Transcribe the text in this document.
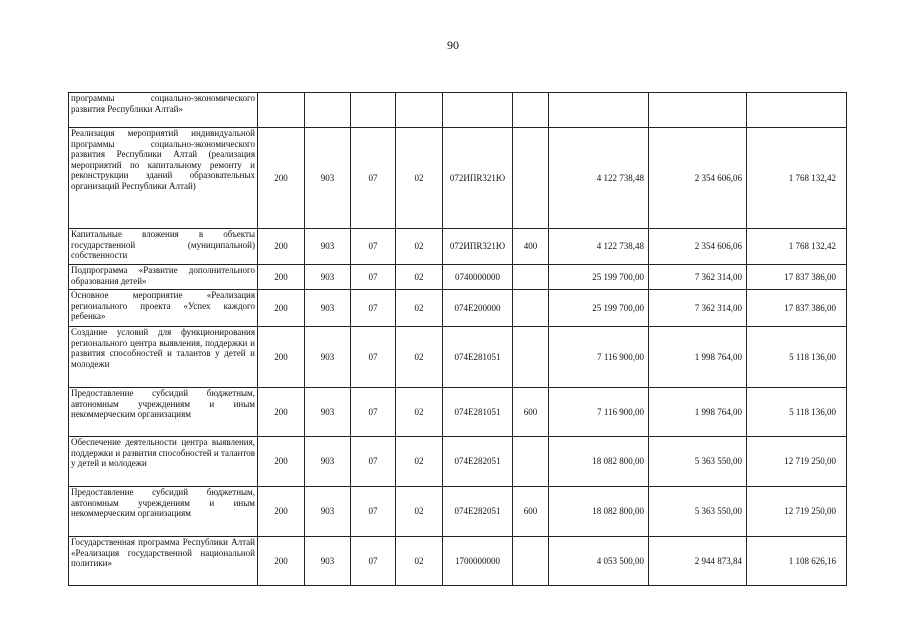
90
программы социально-экономического развития Республики Алтай»									
Реализация мероприятий индивидуальной программы социально-экономического развития Республики Алтай (реализация мероприятий по капитальному ремонту и реконструкции зданий образовательных организаций Республики Алтай)	200	903	07	02	072ИПR321Ю		4 122 738,48	2 354 606,06	1 768 132,42
Капитальные вложения в объекты государственной (муниципальной) собственности	200	903	07	02	072ИПR321Ю	400	4 122 738,48	2 354 606,06	1 768 132,42
Подпрограмма «Развитие дополнительного образования детей»	200	903	07	02	0740000000		25 199 700,00	7 362 314,00	17 837 386,00
Основное мероприятие «Реализация регионального проекта «Успех каждого ребенка»	200	903	07	02	074E200000		25 199 700,00	7 362 314,00	17 837 386,00
Создание условий для функционирования регионального центра выявления, поддержки и развития способностей и талантов у детей и молодежи	200	903	07	02	074E281051		7 116 900,00	1 998 764,00	5 118 136,00
Предоставление субсидий бюджетным, автономным учреждениям и иным некоммерческим организациям	200	903	07	02	074E281051	600	7 116 900,00	1 998 764,00	5 118 136,00
Обеспечение деятельности центра выявления, поддержки и развития способностей и талантов у детей и молодежи	200	903	07	02	074E282051		18 082 800,00	5 363 550,00	12 719 250,00
Предоставление субсидий бюджетным, автономным учреждениям и иным некоммерческим организациям	200	903	07	02	074E282051	600	18 082 800,00	5 363 550,00	12 719 250,00
Государственная программа Республики Алтай «Реализация государственной национальной политики»	200	903	07	02	1700000000		4 053 500,00	2 944 873,84	1 108 626,16
